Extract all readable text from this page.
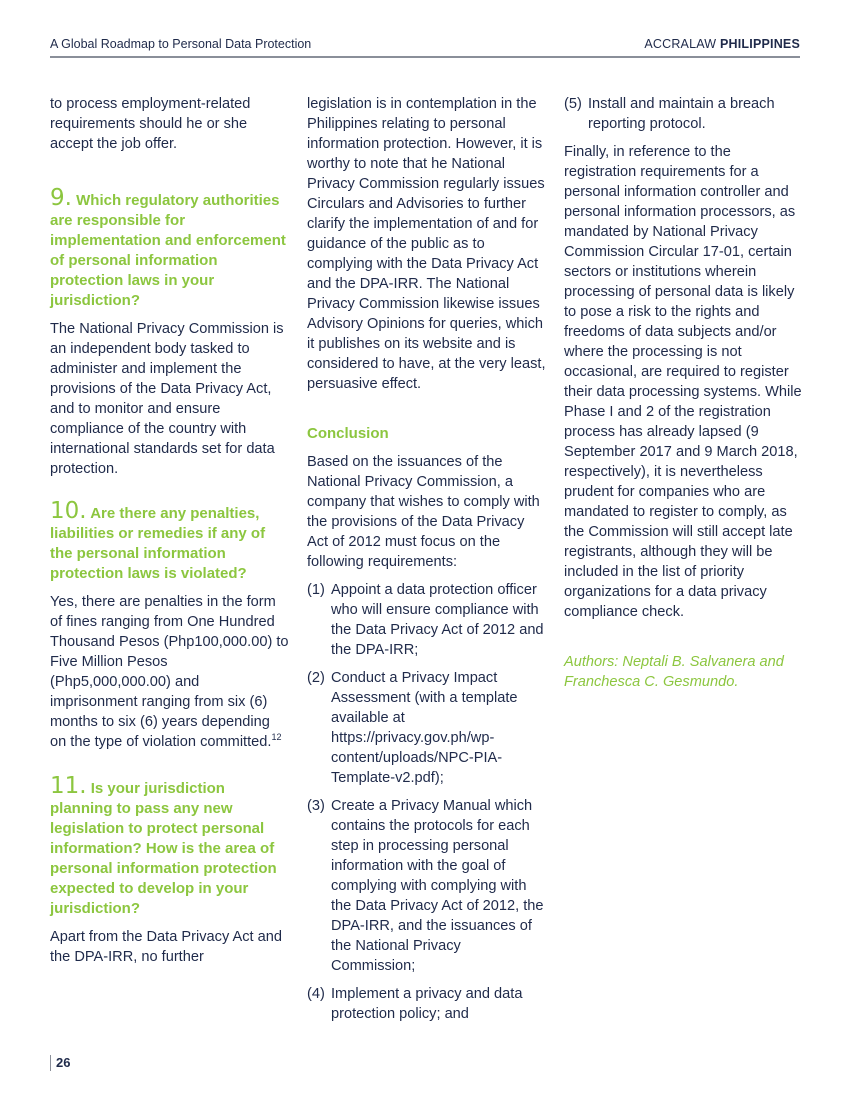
A Global Roadmap to Personal Data Protection	ACCRALAW PHILIPPINES

to process employment-related requirements should he or she accept the job offer.

9. Which regulatory authorities are responsible for implementation and enforcement of personal information protection laws in your jurisdiction?

The National Privacy Commission is an independent body tasked to administer and implement the provisions of the Data Privacy Act, and to monitor and ensure compliance of the country with international standards set for data protection.

10. Are there any penalties, liabilities or remedies if any of the personal information protection laws is violated?

Yes, there are penalties in the form of fines ranging from One Hundred Thousand Pesos (Php100,000.00) to Five Million Pesos (Php5,000,000.00) and imprisonment ranging from six (6) months to six (6) years depending on the type of violation committed.$^{12}$

11. Is your jurisdiction planning to pass any new legislation to protect personal information? How is the area of personal information protection expected to develop in your jurisdiction?

Apart from the Data Privacy Act and the DPA-IRR, no further

legislation is in contemplation in the Philippines relating to personal information protection. However, it is worthy to note that he National Privacy Commission regularly issues Circulars and Advisories to further clarify the implementation of and for guidance of the public as to complying with the Data Privacy Act and the DPA-IRR. The National Privacy Commission likewise issues Advisory Opinions for queries, which it publishes on its website and is considered to have, at the very least, persuasive effect.

Conclusion

Based on the issuances of the National Privacy Commission, a company that wishes to comply with the provisions of the Data Privacy Act of 2012 must focus on the following requirements:

(1) Appoint a data protection officer who will ensure compliance with the Data Privacy Act of 2012 and the DPA-IRR;
(2) Conduct a Privacy Impact Assessment (with a template available at https://privacy.gov.ph/wp-content/uploads/NPC-PIA-Template-v2.pdf);
(3) Create a Privacy Manual which contains the protocols for each step in processing personal information with the goal of complying with complying with the Data Privacy Act of 2012, the DPA-IRR, and the issuances of the National Privacy Commission;
(4) Implement a privacy and data protection policy; and
(5) Install and maintain a breach reporting protocol.

Finally, in reference to the registration requirements for a personal information controller and personal information processors, as mandated by National Privacy Commission Circular 17-01, certain sectors or institutions wherein processing of personal data is likely to pose a risk to the rights and freedoms of data subjects and/or where the processing is not occasional, are required to register their data processing systems. While Phase I and 2 of the registration process has already lapsed (9 September 2017 and 9 March 2018, respectively), it is nevertheless prudent for companies who are mandated to register to comply, as the Commission will still accept late registrants, although they will be included in the list of priority organizations for a data privacy compliance check.

Authors: Neptali B. Salvanera and Franchesca C. Gesmundo.

26
